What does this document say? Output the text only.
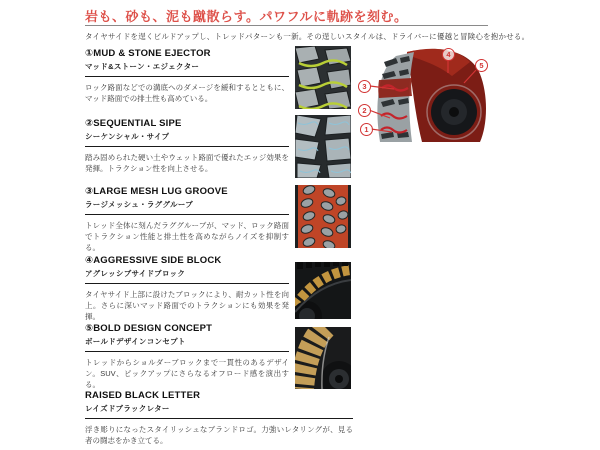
岩も、砂も、泥も蹴散らす。パワフルに軌跡を刻む。
タイヤサイドを逞くビルドアップし、トレッドパターンも一新。その逞しいスタイルは、ドライバーに優越と冒険心を抱かせる。
①MUD & STONE EJECTOR
マッド&ストーン・エジェクター
ロック路面などでの溝底へのダメージを緩和するとともに、マッド路面での排土性も高めている。
②SEQUENTIAL SIPE
シーケンシャル・サイプ
踏み固められた硬い土やウェット路面で優れたエッジ効果を発揮。トラクション性を向上させる。
③LARGE MESH LUG GROOVE
ラージメッシュ・ラググルーブ
トレッド全体に刻んだラググルーブが、マッド、ロック路面でトラクション性能と排土性を高めながらノイズを抑制する。
④AGGRESSIVE SIDE BLOCK
アグレッシブサイドブロック
タイヤサイド上部に設けたブロックにより、耐カット性を向上。さらに深いマッド路面でのトラクションにも効果を発揮。
⑤BOLD DESIGN CONCEPT
ボールドデザインコンセプト
トレッドからショルダーブロックまで一貫性のあるデザイン。SUV、ピックアップにさらなるオフロード感を演出する。
RAISED BLACK LETTER
レイズドブラックレター
浮き彫りになったスタイリッシュなブランドロゴ。力強いレタリングが、見る者の闘志をかき立てる。
1
2
3
4
5
